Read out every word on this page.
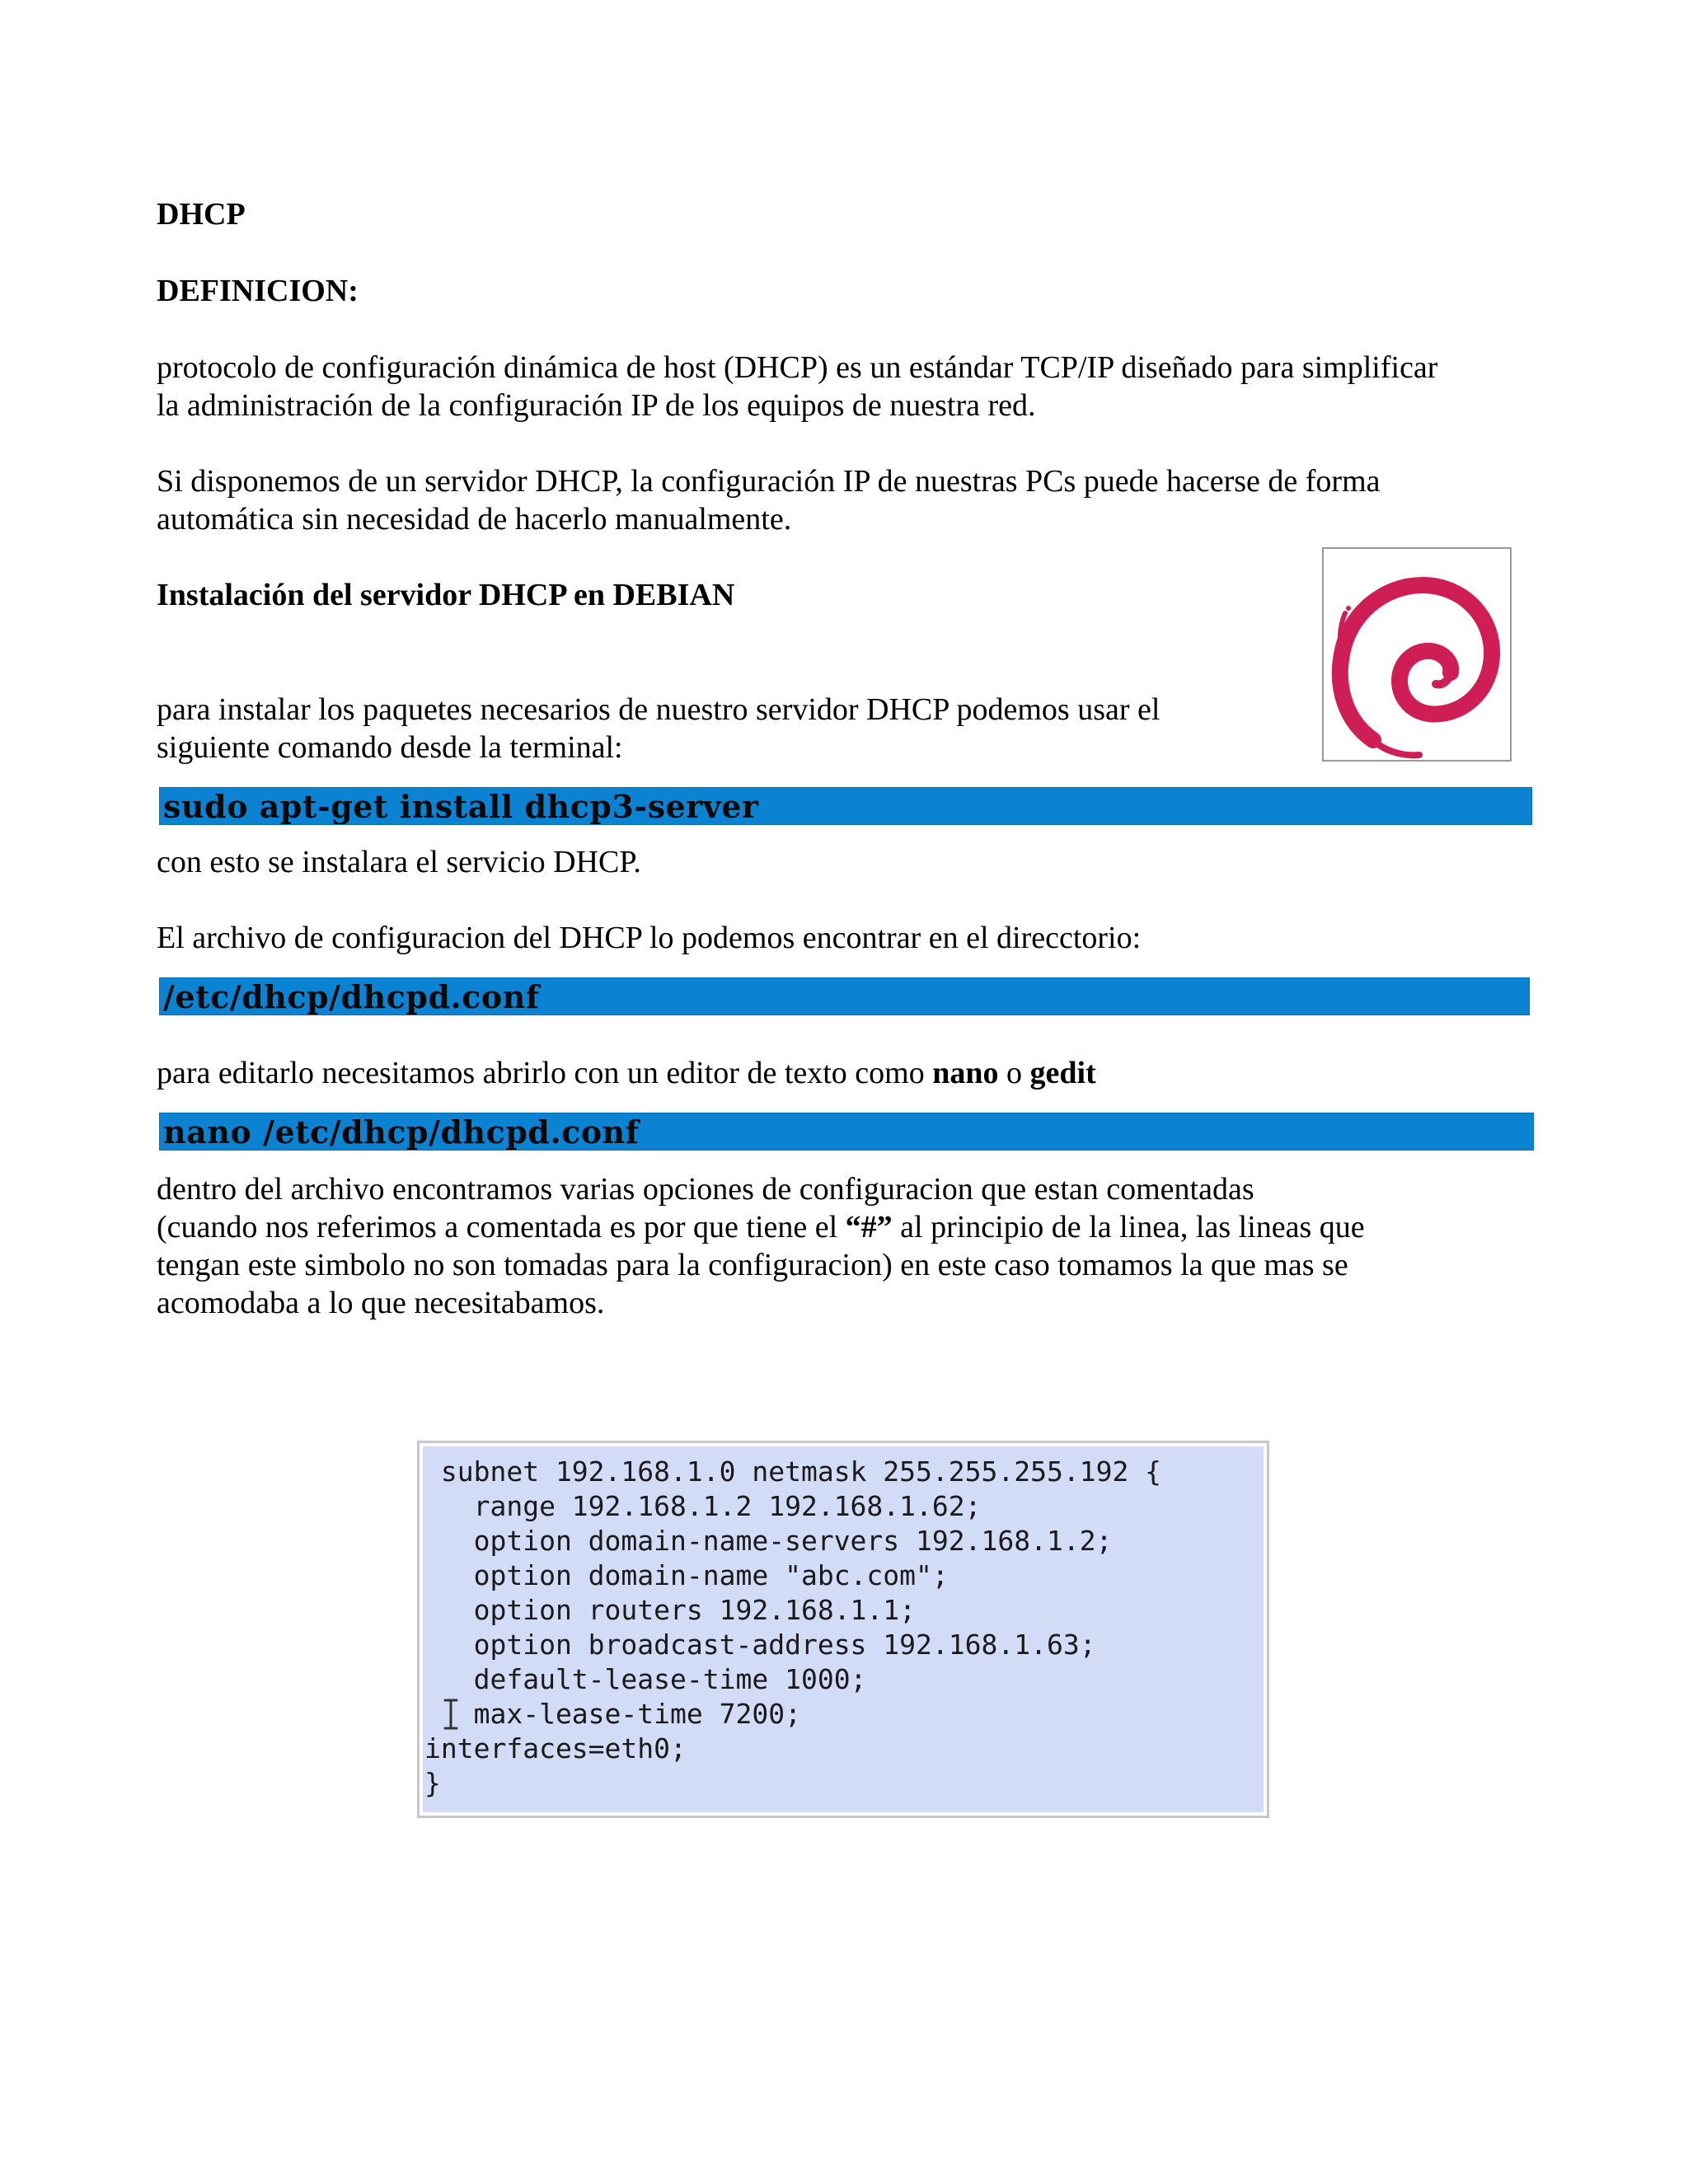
DHCP

DEFINICION:

protocolo de configuración dinámica de host (DHCP) es un estándar TCP/IP diseñado para simplificar

la administración de la configuración IP de los equipos de nuestra red.

Si disponemos de un servidor DHCP, la configuración IP de nuestras PCs puede hacerse de forma

automática sin necesidad de hacerlo manualmente.

Instalación del servidor DHCP en DEBIAN

para instalar los paquetes necesarios de nuestro servidor DHCP podemos usar el

siguiente comando desde la terminal:

sudo apt-get install dhcp3-server

con esto se instalara el servicio DHCP.

El archivo de configuracion del DHCP lo podemos encontrar en el direcctorio:

/etc/dhcp/dhcpd.conf

para editarlo necesitamos abrirlo con un editor de texto como nano o gedit

nano /etc/dhcp/dhcpd.conf

dentro del archivo encontramos varias opciones de configuracion que estan comentadas

(cuando nos referimos a comentada es por que tiene el “#” al principio de la linea, las lineas que

tengan este simbolo no son tomadas para la configuracion) en este caso tomamos la que mas se

acomodaba a lo que necesitabamos.

subnet 192.168.1.0 netmask 255.255.255.192 {
range 192.168.1.2 192.168.1.62;
option domain-name-servers 192.168.1.2;
option domain-name "abc.com";
option routers 192.168.1.1;
option broadcast-address 192.168.1.63;
default-lease-time 1000;
max-lease-time 7200;
interfaces=eth0;
}
